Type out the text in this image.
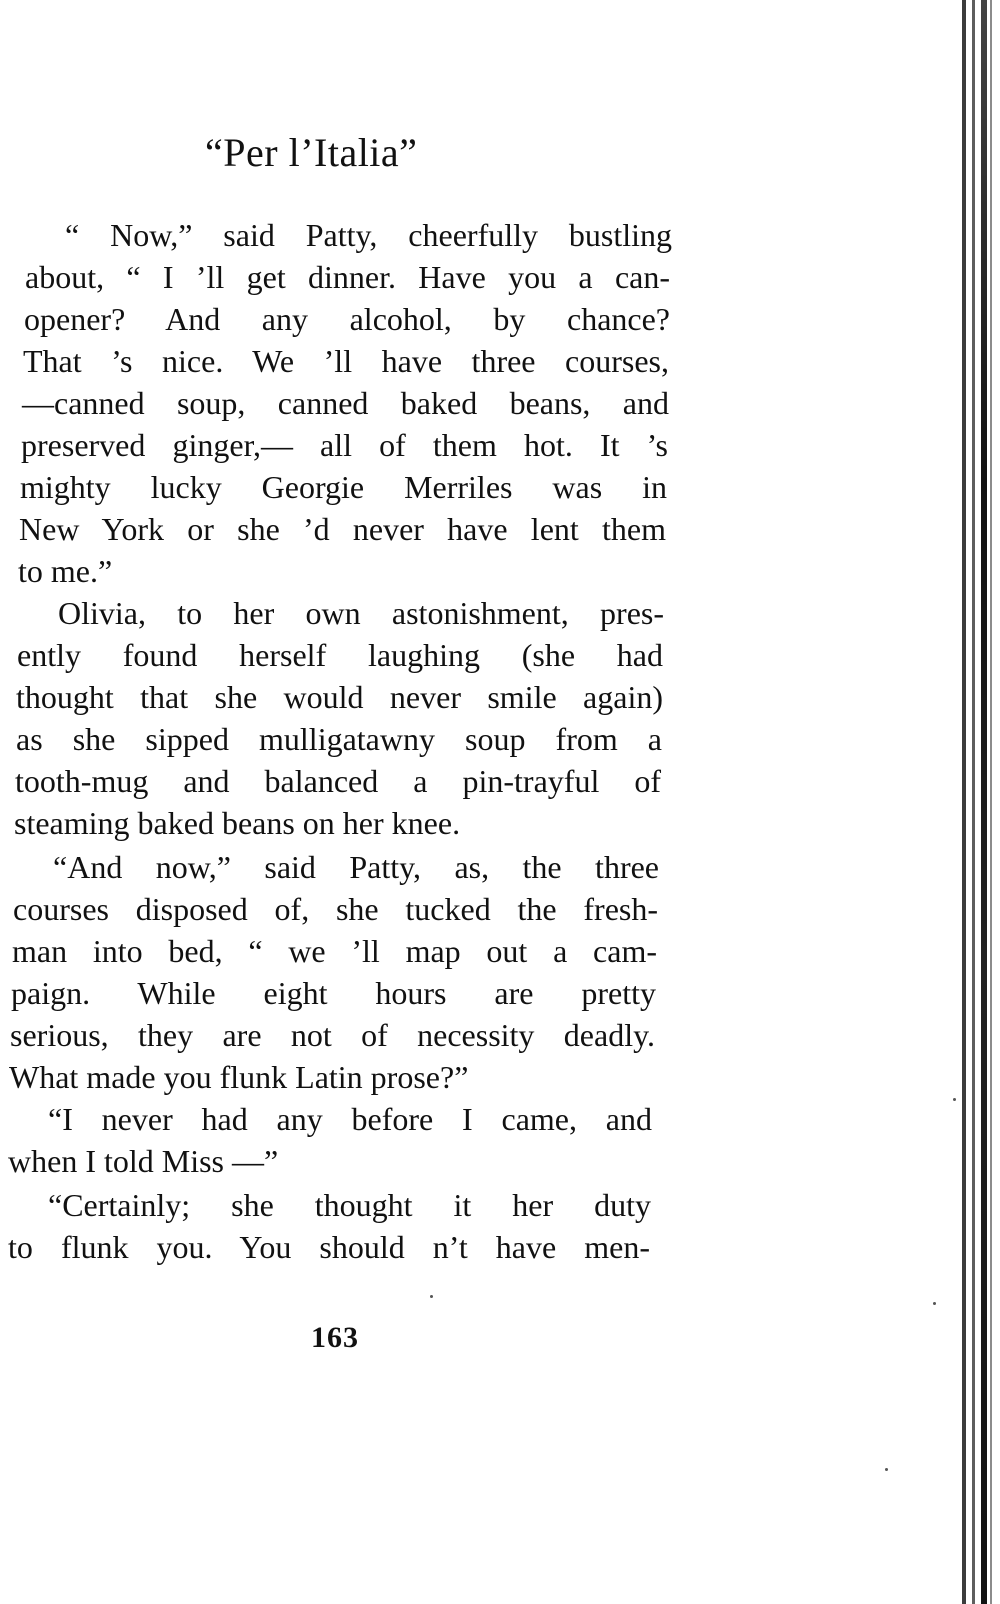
“Per l’Italia”
“ Now,” said Patty, cheerfully bustling
about, “ I ’ll get dinner. Have you a can-
opener? And any alcohol, by chance?
That ’s nice. We ’ll have three courses,
—canned soup, canned baked beans, and
preserved ginger,— all of them hot. It ’s
mighty lucky Georgie Merriles was in
New York or she ’d never have lent them
to me.”
Olivia, to her own astonishment, pres-
ently found herself laughing (she had
thought that she would never smile again)
as she sipped mulligatawny soup from a
tooth-mug and balanced a pin-trayful of
steaming baked beans on her knee.
“And now,” said Patty, as, the three
courses disposed of, she tucked the fresh-
man into bed, “ we ’ll map out a cam-
paign. While eight hours are pretty
serious, they are not of necessity deadly.
What made you flunk Latin prose?”
“I never had any before I came, and
when I told Miss —”
“Certainly; she thought it her duty
to flunk you. You should n’t have men-
163
